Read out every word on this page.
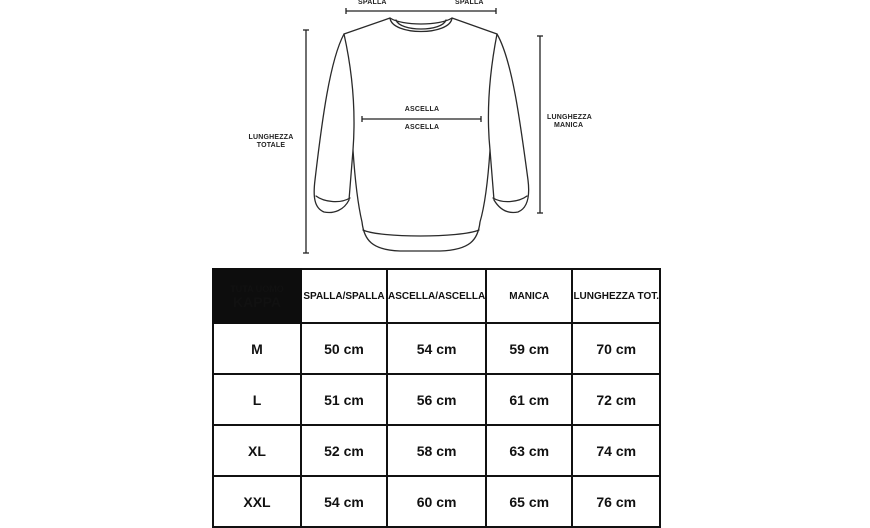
SPALLA	SPALLA
ASCELLA
ASCELLA
LUNGHEZZA
TOTALE
LUNGHEZZA
MANICA
TUTA UOMO
KAPPA	SPALLA/SPALLA	ASCELLA/ASCELLA	MANICA	LUNGHEZZA TOT.
M	50 cm	54 cm	59 cm	70 cm
L	51 cm	56 cm	61 cm	72 cm
XL	52 cm	58 cm	63 cm	74 cm
XXL	54 cm	60 cm	65 cm	76 cm
